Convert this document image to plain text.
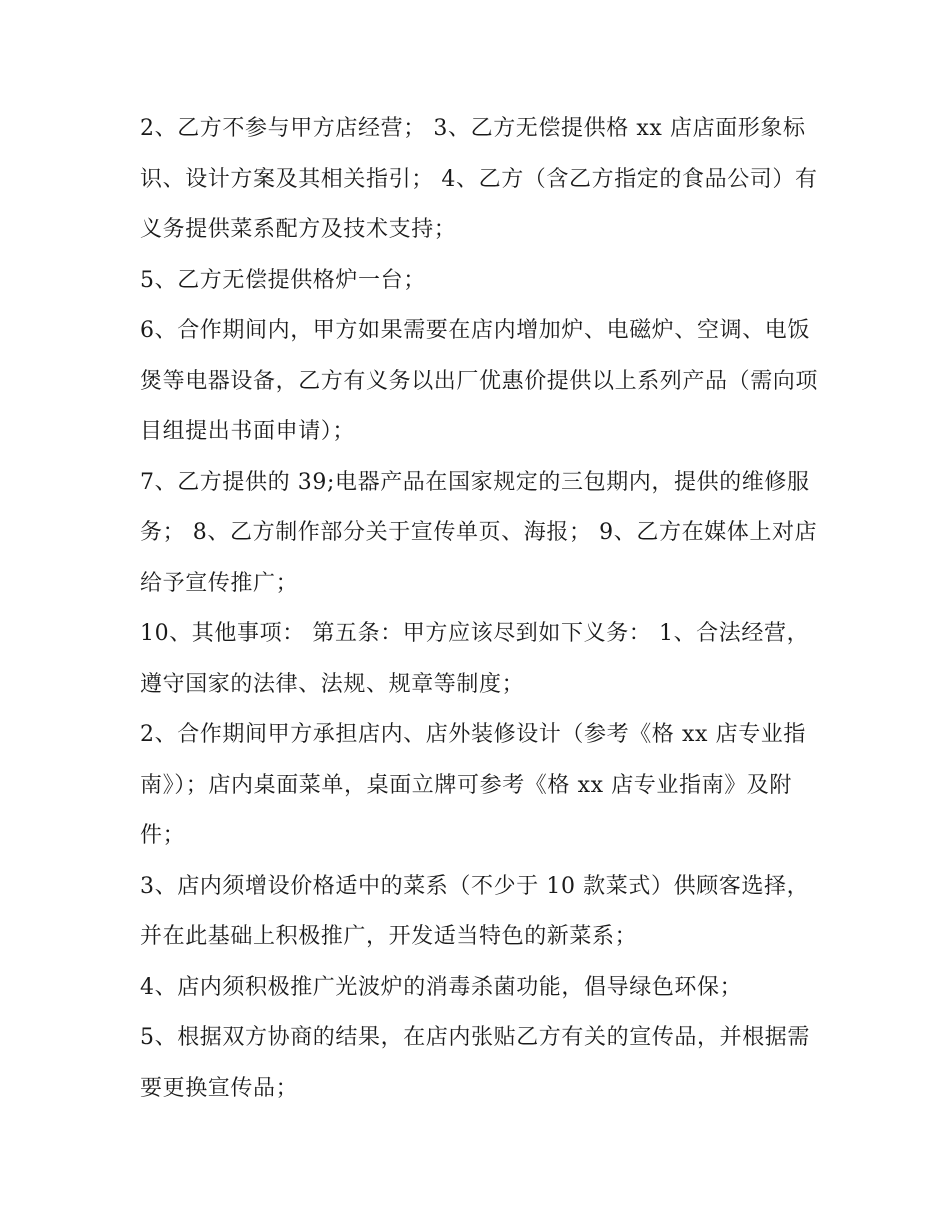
2、乙方不参与甲方店经营； 3、乙方无偿提供格 xx 店店面形象标识、设计方案及其相关指引； 4、乙方（含乙方指定的食品公司）有义务提供菜系配方及技术支持；

5、乙方无偿提供格炉一台；

6、合作期间内，甲方如果需要在店内增加炉、电磁炉、空调、电饭煲等电器设备，乙方有义务以出厂优惠价提供以上系列产品（需向项目组提出书面申请）；

7、乙方提供的 39;电器产品在国家规定的三包期内，提供的维修服务； 8、乙方制作部分关于宣传单页、海报； 9、乙方在媒体上对店给予宣传推广；

10、其他事项： 第五条：甲方应该尽到如下义务： 1、合法经营，遵守国家的法律、法规、规章等制度；

2、合作期间甲方承担店内、店外装修设计（参考《格 xx 店专业指南》）；店内桌面菜单，桌面立牌可参考《格 xx 店专业指南》及附件；

3、店内须增设价格适中的菜系（不少于 10 款菜式）供顾客选择，并在此基础上积极推广，开发适当特色的新菜系；

4、店内须积极推广光波炉的消毒杀菌功能，倡导绿色环保；

5、根据双方协商的结果，在店内张贴乙方有关的宣传品，并根据需要更换宣传品；
